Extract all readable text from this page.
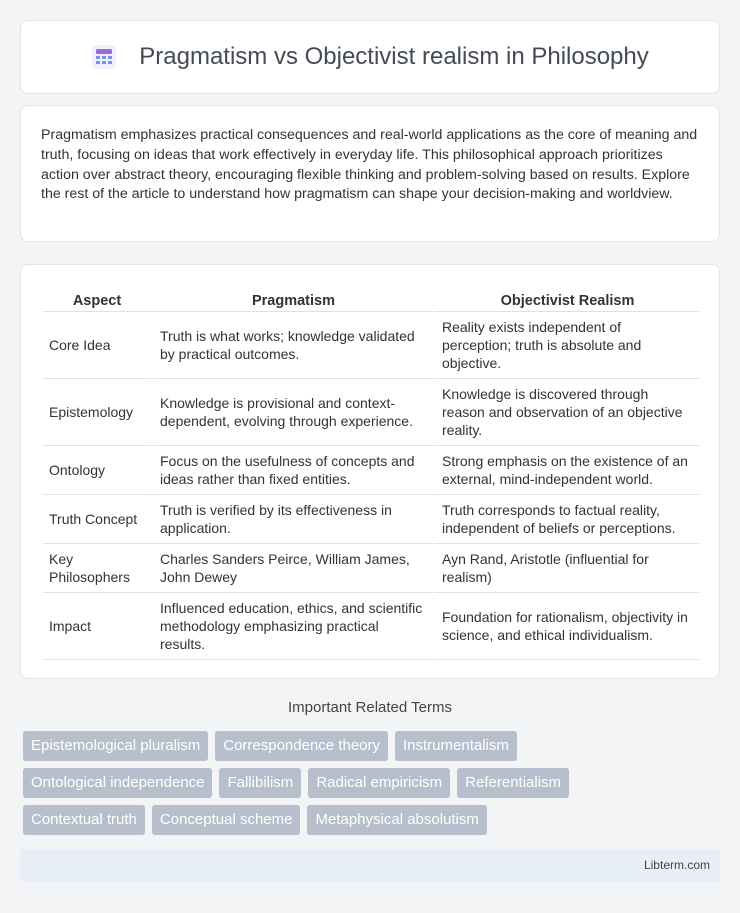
Pragmatism vs Objectivist realism in Philosophy

Pragmatism emphasizes practical consequences and real-world applications as the core of meaning and truth, focusing on ideas that work effectively in everyday life. This philosophical approach prioritizes action over abstract theory, encouraging flexible thinking and problem-solving based on results. Explore the rest of the article to understand how pragmatism can shape your decision-making and worldview.

Aspect	Pragmatism	Objectivist Realism
Core Idea	Truth is what works; knowledge validated by practical outcomes.	Reality exists independent of perception; truth is absolute and objective.
Epistemology	Knowledge is provisional and context-dependent, evolving through experience.	Knowledge is discovered through reason and observation of an objective reality.
Ontology	Focus on the usefulness of concepts and ideas rather than fixed entities.	Strong emphasis on the existence of an external, mind-independent world.
Truth Concept	Truth is verified by its effectiveness in application.	Truth corresponds to factual reality, independent of beliefs or perceptions.
Key Philosophers	Charles Sanders Peirce, William James, John Dewey	Ayn Rand, Aristotle (influential for realism)
Impact	Influenced education, ethics, and scientific methodology emphasizing practical results.	Foundation for rationalism, objectivity in science, and ethical individualism.
Important Related Terms
Epistemological pluralism	Correspondence theory	Instrumentalism
Ontological independence	Fallibilism	Radical empiricism	Referentialism
Contextual truth	Conceptual scheme	Metaphysical absolutism
Libterm.com
